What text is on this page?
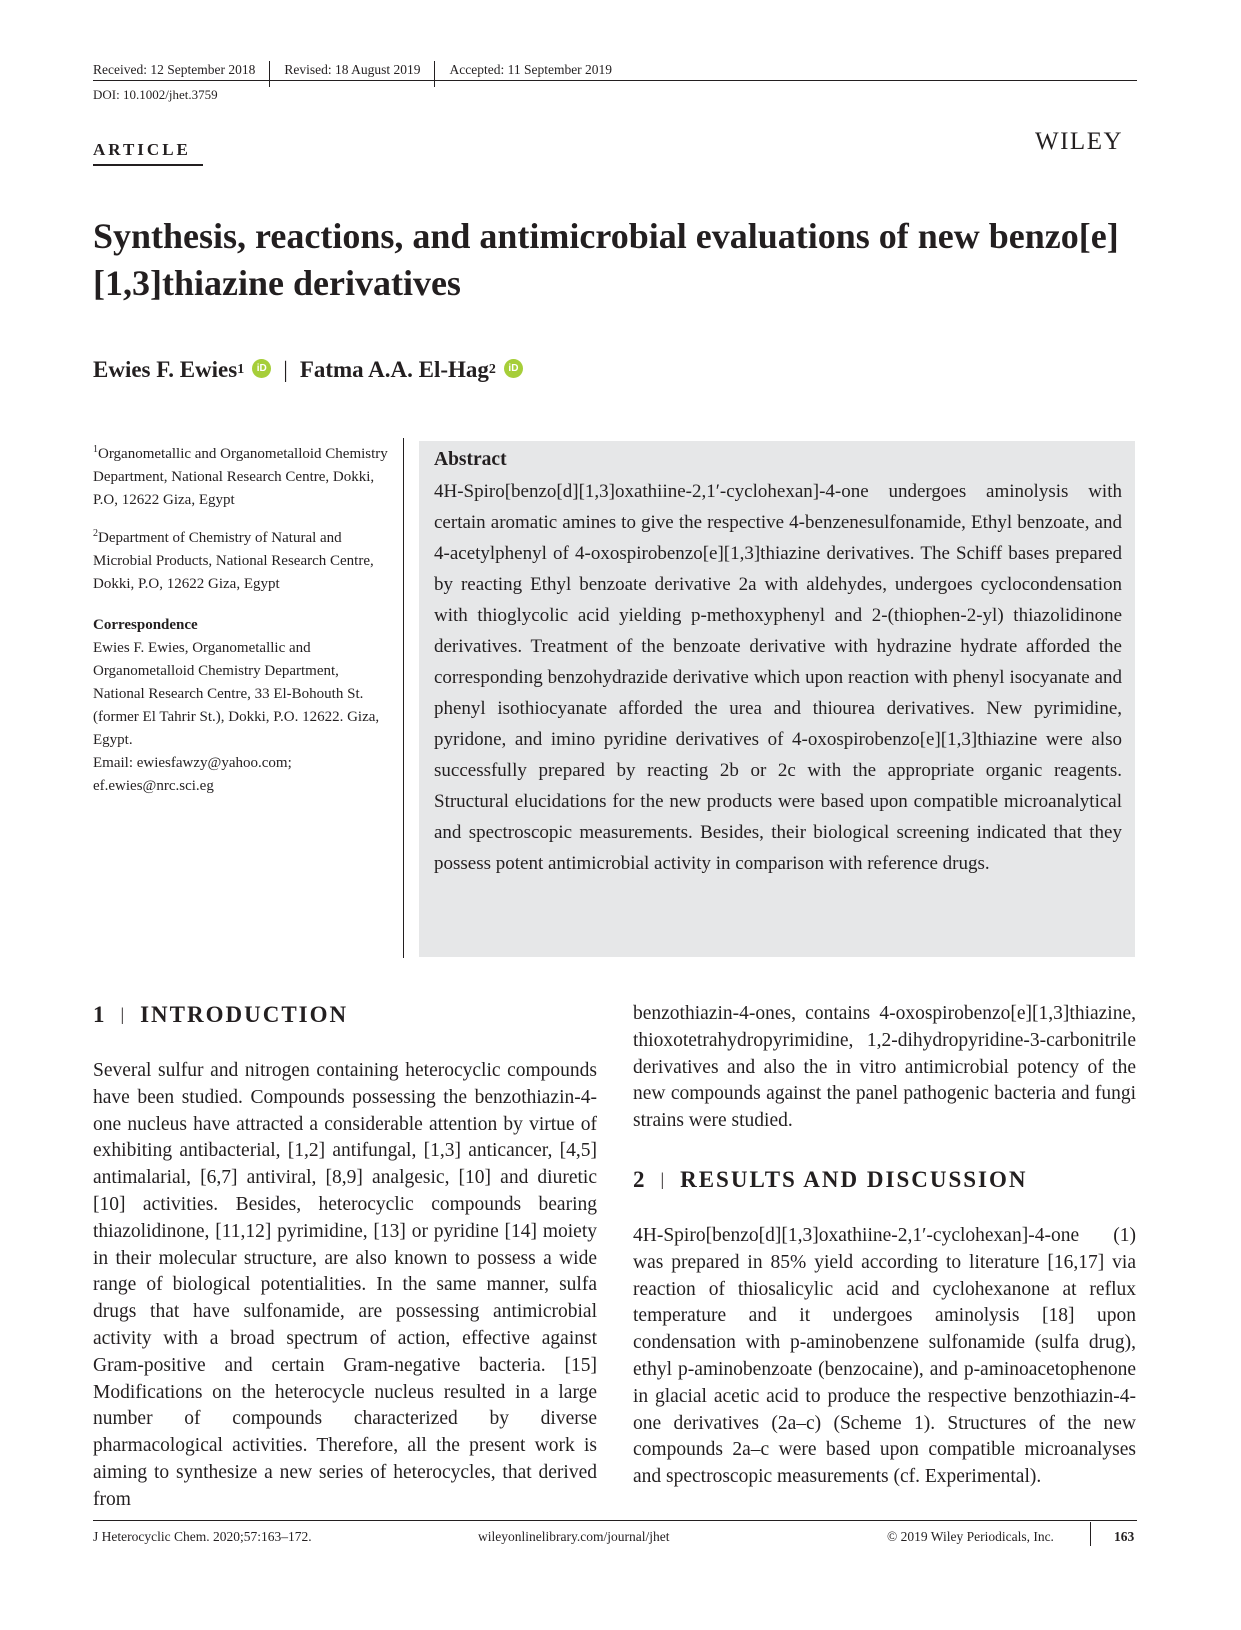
Received: 12 September 2018 Revised: 18 August 2019 Accepted: 11 September 2019
DOI: 10.1002/jhet.3759
ARTICLE	WILEY
Synthesis, reactions, and antimicrobial evaluations of new benzo[e][1,3]thiazine derivatives
Ewies F. Ewies 1	iD | Fatma A.A. El-Hag 2	iD

$^1$Organometallic and Organometalloid Chemistry Department, National Research Centre, Dokki, P.O, 12622 Giza, Egypt

$^2$Department of Chemistry of Natural and Microbial Products, National Research Centre, Dokki, P.O, 12622 Giza, Egypt

Correspondence
Ewies F. Ewies, Organometallic and Organometalloid Chemistry Department, National Research Centre, 33 El-Bohouth St. (former El Tahrir St.), Dokki, P.O. 12622. Giza, Egypt.
Email: ewiesfawzy@yahoo.com;
ef.ewies@nrc.sci.eg
Abstract
4H-Spiro[benzo[d][1,3]oxathiine-2,1′-cyclohexan]-4-one undergoes aminolysis with certain aromatic amines to give the respective 4-benzenesulfonamide, Ethyl benzoate, and 4-acetylphenyl of 4-oxospirobenzo[e][1,3]thiazine derivatives. The Schiff bases prepared by reacting Ethyl benzoate derivative 2a with aldehydes, undergoes cyclocondensation with thioglycolic acid yielding p-methoxyphenyl and 2-(thiophen-2-yl) thiazolidinone derivatives. Treatment of the benzoate derivative with hydrazine hydrate afforded the corresponding benzohydrazide derivative which upon reaction with phenyl isocyanate and phenyl isothiocyanate afforded the urea and thiourea derivatives. New pyrimidine, pyridone, and imino pyridine derivatives of 4-oxospirobenzo[e][1,3]thiazine were also successfully prepared by reacting 2b or 2c with the appropriate organic reagents. Structural elucidations for the new products were based upon compatible microanalytical and spectroscopic measurements. Besides, their biological screening indicated that they possess potent antimicrobial activity in comparison with reference drugs.
1 | INTRODUCTION
Several sulfur and nitrogen containing heterocyclic compounds have been studied. Compounds possessing the benzothiazin-4-one nucleus have attracted a considerable attention by virtue of exhibiting antibacterial, [1,2] antifungal, [1,3] anticancer, [4,5] antimalarial, [6,7] antiviral, [8,9] analgesic, [10] and diuretic [10] activities. Besides, heterocyclic compounds bearing thiazolidinone, [11,12] pyrimidine, [13] or pyridine [14] moiety in their molecular structure, are also known to possess a wide range of biological potentialities. In the same manner, sulfa drugs that have sulfonamide, are possessing antimicrobial activity with a broad spectrum of action, effective against Gram-positive and certain Gram-negative bacteria. [15] Modifications on the heterocycle nucleus resulted in a large number of compounds characterized by diverse pharmacological activities. Therefore, all the present work is aiming to synthesize a new series of heterocycles, that derived from
benzothiazin-4-ones, contains 4-oxospirobenzo[e][1,3]thiazine, thioxotetrahydropyrimidine, 1,2-dihydropyridine-3-carbonitrile derivatives and also the in vitro antimicrobial potency of the new compounds against the panel pathogenic bacteria and fungi strains were studied.
2 | RESULTS AND DISCUSSION
4H-Spiro[benzo[d][1,3]oxathiine-2,1′-cyclohexan]-4-one (1) was prepared in 85% yield according to literature [16,17] via reaction of thiosalicylic acid and cyclohexanone at reflux temperature and it undergoes aminolysis [18] upon condensation with p-aminobenzene sulfonamide (sulfa drug), ethyl p-aminobenzoate (benzocaine), and p-aminoacetophenone in glacial acetic acid to produce the respective benzothiazin-4-one derivatives (2a–c) (Scheme 1). Structures of the new compounds 2a–c were based upon compatible microanalyses and spectroscopic measurements (cf. Experimental).
J Heterocyclic Chem. 2020;57:163–172.	wileyonlinelibrary.com/journal/jhet	© 2019 Wiley Periodicals, Inc.	163
